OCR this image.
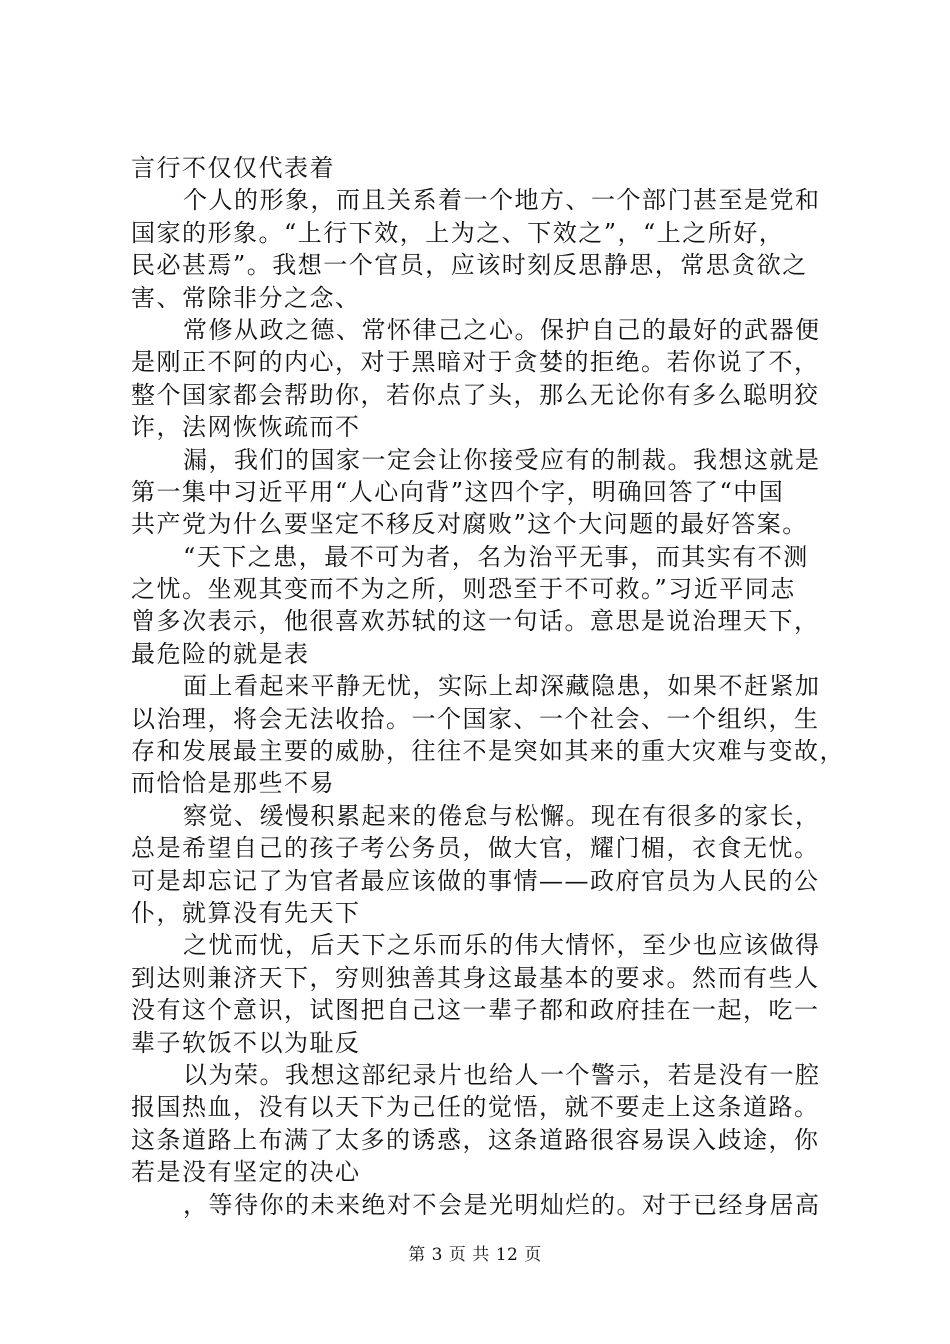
言行不仅仅代表着
个人的形象，而且关系着一个地方、一个部门甚至是党和
国家的形象。“上行下效，上为之、下效之”，“上之所好，
民必甚焉”。我想一个官员，应该时刻反思静思，常思贪欲之
害、常除非分之念、
常修从政之德、常怀律己之心。保护自己的最好的武器便
是刚正不阿的内心，对于黑暗对于贪婪的拒绝。若你说了不，
整个国家都会帮助你，若你点了头，那么无论你有多么聪明狡
诈，法网恢恢疏而不
漏，我们的国家一定会让你接受应有的制裁。我想这就是
第一集中习近平用“人心向背”这四个字，明确回答了“中国
共产党为什么要坚定不移反对腐败”这个大问题的最好答案。
“天下之患，最不可为者，名为治平无事，而其实有不测
之忧。坐观其变而不为之所，则恐至于不可救。”习近平同志
曾多次表示，他很喜欢苏轼的这一句话。意思是说治理天下，
最危险的就是表
面上看起来平静无忧，实际上却深藏隐患，如果不赶紧加
以治理，将会无法收拾。一个国家、一个社会、一个组织，生
存和发展最主要的威胁，往往不是突如其来的重大灾难与变故，
而恰恰是那些不易
察觉、缓慢积累起来的倦怠与松懈。现在有很多的家长，
总是希望自己的孩子考公务员，做大官，耀门楣，衣食无忧。
可是却忘记了为官者最应该做的事情——政府官员为人民的公
仆，就算没有先天下
之忧而忧，后天下之乐而乐的伟大情怀，至少也应该做得
到达则兼济天下，穷则独善其身这最基本的要求。然而有些人
没有这个意识，试图把自己这一辈子都和政府挂在一起，吃一
辈子软饭不以为耻反
以为荣。我想这部纪录片也给人一个警示，若是没有一腔
报国热血，没有以天下为己任的觉悟，就不要走上这条道路。
这条道路上布满了太多的诱惑，这条道路很容易误入歧途，你
若是没有坚定的决心
，等待你的未来绝对不会是光明灿烂的。对于已经身居高
第 3 页 共 12 页
